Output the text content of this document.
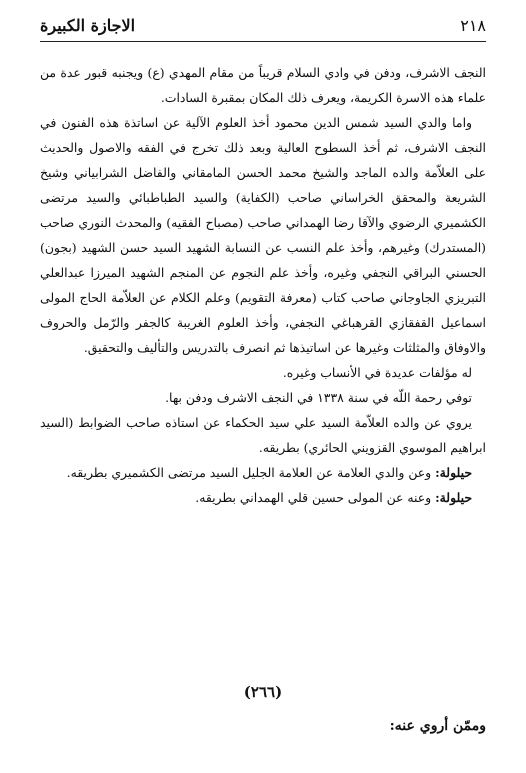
٢١٨
الاجازة الكبيرة

النجف الاشرف، ودفن في وادي السلام قريباً من مقام المهدي (ع) ويجنبه قبور عدة من علماء هذه الاسرة الكريمة، ويعرف ذلك المكان بمقبرة السادات.

واما والدي السيد شمس الدين محمود أخذ العلوم الآلية عن اساتذة هذه الفنون في النجف الاشرف، ثم أخذ السطوح العالية وبعد ذلك تخرج في الفقه والاصول والحديث على العلاّمة والده الماجد والشيخ محمد الحسن المامقاني والفاضل الشرابياني وشيخ الشريعة والمحقق الخراساني صاحب (الكفاية) والسيد الطباطبائي والسيد مرتضى الكشميري الرضوي والآقا رضا الهمداني صاحب (مصباح الفقيه) والمحدث النوري صاحب (المستدرك) وغيرهم، وأخذ علم النسب عن النسابة الشهيد السيد حسن الشهيد (بجون) الحسني البراقي النجفي وغيره، وأخذ علم النجوم عن المنجم الشهيد الميرزا عبدالعلي التبريزي الجاوجاني صاحب كتاب (معرفة التقويم) وعلم الكلام عن العلاّمة الحاج المولى اسماعيل القفقازي القرهباغي النجفي، وأخذ العلوم الغريبة كالجفر والرّمل والحروف والاوفاق والمثلثات وغيرها عن اساتيذها ثم انصرف بالتدريس والتأليف والتحقيق.

له مؤلفات عديدة في الأنساب وغيره.

توفي رحمة اللّه في سنة ١٣٣٨ في النجف الاشرف ودفن بها.

يروي عن والده العلاّمة السيد علي سيد الحكماء عن استاذه صاحب الضوابط (السيد ابراهيم الموسوي القزويني الحائري) بطريقه.

حيلولة: وعن والدي العلامة عن العلامة الجليل السيد مرتضى الكشميري بطريقه.

حيلولة: وعنه عن المولى حسين قلي الهمداني بطريقه.

(٢٦٦)
وممّن أروي عنه:
